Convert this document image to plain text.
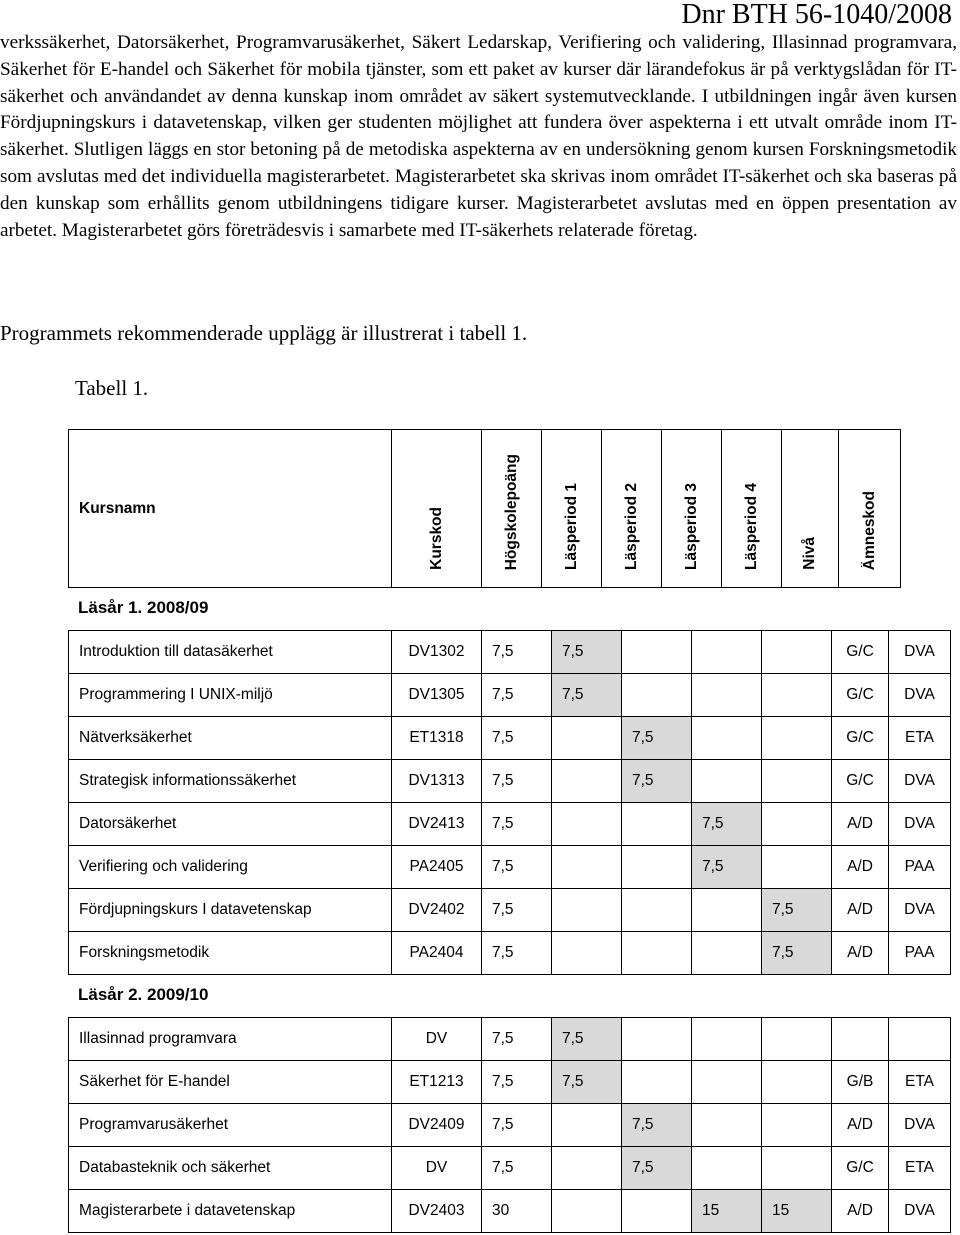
Dnr BTH 56-1040/2008

verkssäkerhet, Datorsäkerhet, Programvarusäkerhet, Säkert Ledarskap, Verifiering och validering, Illasinnad programvara, Säkerhet för E-handel och Säkerhet för mobila tjänster, som ett paket av kurser där lärandefokus är på verktygslådan för IT-säkerhet och användandet av denna kunskap inom området av säkert systemutvecklande. I utbildningen ingår även kursen Fördjupningskurs i datavetenskap, vilken ger studenten möjlighet att fundera över aspekterna i ett utvalt område inom IT-säkerhet. Slutligen läggs en stor betoning på de metodiska aspekterna av en undersökning genom kursen Forskningsmetodik som avslutas med det individuella magisterarbetet. Magisterarbetet ska skrivas inom området IT-säkerhet och ska baseras på den kunskap som erhållits genom utbildningens tidigare kurser. Magisterarbetet avslutas med en öppen presentation av arbetet. Magisterarbetet görs företrädesvis i samarbete med IT-säkerhets relaterade företag.

Programmets rekommenderade upplägg är illustrerat i tabell 1.

Tabell 1.

Kursnamn	Kurskod	Högskolepoäng	Läsperiod 1	Läsperiod 2	Läsperiod 3	Läsperiod 4	Nivå	Ämneskod

Läsår 1. 2008/09

Introduktion till datasäkerhet	DV1302	7,5	7,5				G/C	DVA
Programmering I UNIX-miljö	DV1305	7,5	7,5				G/C	DVA
Nätverksäkerhet	ET1318	7,5		7,5			G/C	ETA
Strategisk informationssäkerhet	DV1313	7,5		7,5			G/C	DVA
Datorsäkerhet	DV2413	7,5			7,5		A/D	DVA
Verifiering och validering	PA2405	7,5			7,5		A/D	PAA
Fördjupningskurs I datavetenskap	DV2402	7,5				7,5	A/D	DVA
Forskningsmetodik	PA2404	7,5				7,5	A/D	PAA

Läsår 2. 2009/10

Illasinnad programvara	DV	7,5	7,5					
Säkerhet för E-handel	ET1213	7,5	7,5				G/B	ETA
Programvarusäkerhet	DV2409	7,5		7,5			A/D	DVA
Databasteknik och säkerhet	DV	7,5		7,5			G/C	ETA
Magisterarbete i datavetenskap	DV2403	30			15	15	A/D	DVA
